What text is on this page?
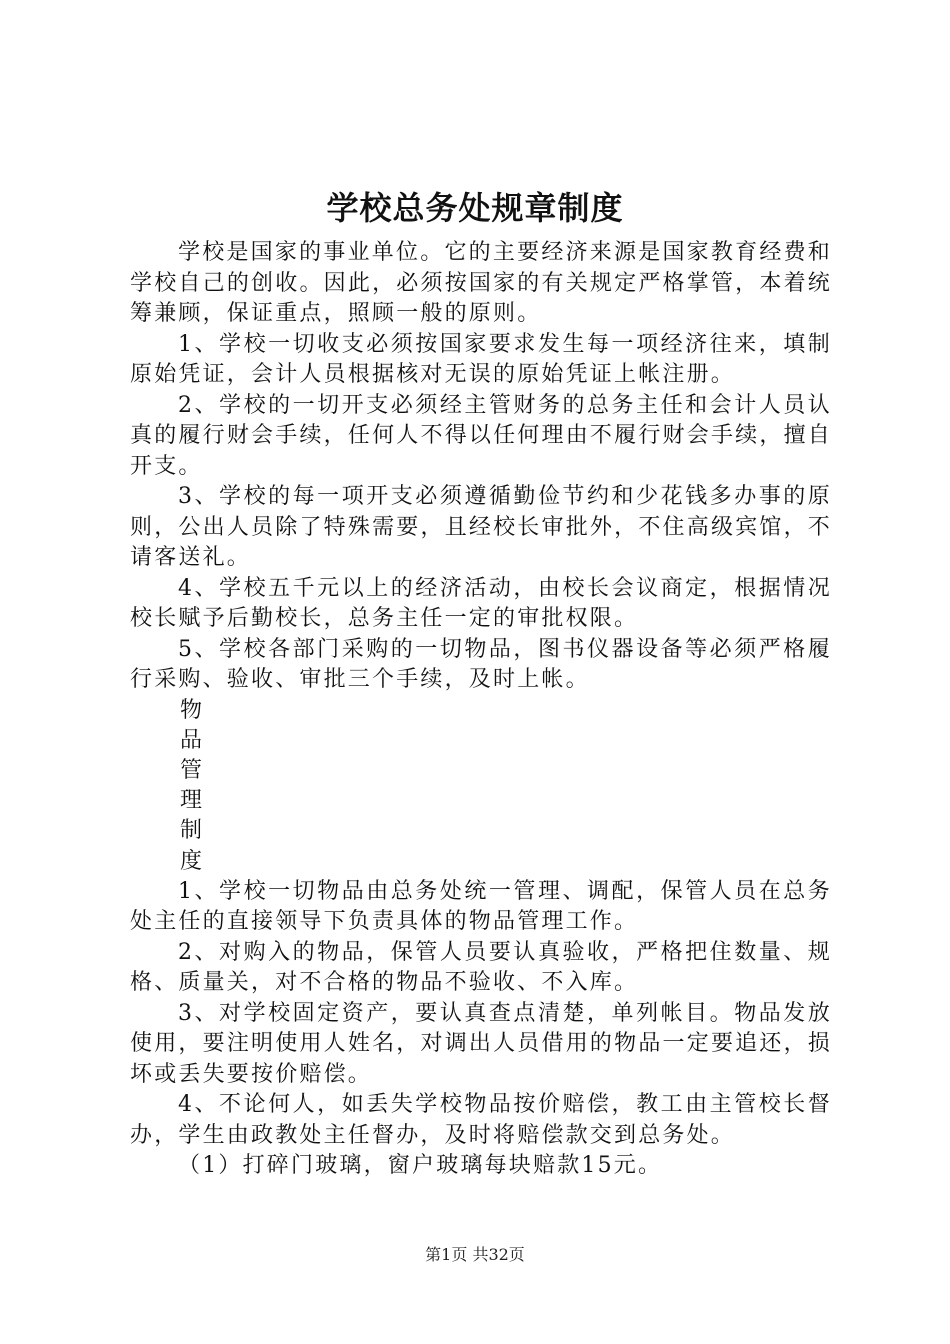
学校总务处规章制度

学校是国家的事业单位。它的主要经济来源是国家教育经费和学校自己的创收。因此，必须按国家的有关规定严格掌管，本着统筹兼顾，保证重点，照顾一般的原则。

1、学校一切收支必须按国家要求发生每一项经济往来，填制原始凭证，会计人员根据核对无误的原始凭证上帐注册。

2、学校的一切开支必须经主管财务的总务主任和会计人员认真的履行财会手续，任何人不得以任何理由不履行财会手续，擅自开支。

3、学校的每一项开支必须遵循勤俭节约和少花钱多办事的原则，公出人员除了特殊需要，且经校长审批外，不住高级宾馆，不请客送礼。

4、学校五千元以上的经济活动，由校长会议商定，根据情况校长赋予后勤校长，总务主任一定的审批权限。

5、学校各部门采购的一切物品，图书仪器设备等必须严格履行采购、验收、审批三个手续，及时上帐。

物
品
管
理
制
度

1、学校一切物品由总务处统一管理、调配，保管人员在总务处主任的直接领导下负责具体的物品管理工作。

2、对购入的物品，保管人员要认真验收，严格把住数量、规格、质量关，对不合格的物品不验收、不入库。

3、对学校固定资产，要认真查点清楚，单列帐目。物品发放使用，要注明使用人姓名，对调出人员借用的物品一定要追还，损坏或丢失要按价赔偿。

4、不论何人，如丢失学校物品按价赔偿，教工由主管校长督办，学生由政教处主任督办，及时将赔偿款交到总务处。

（1）打碎门玻璃，窗户玻璃每块赔款15元。

第1页 共32页
